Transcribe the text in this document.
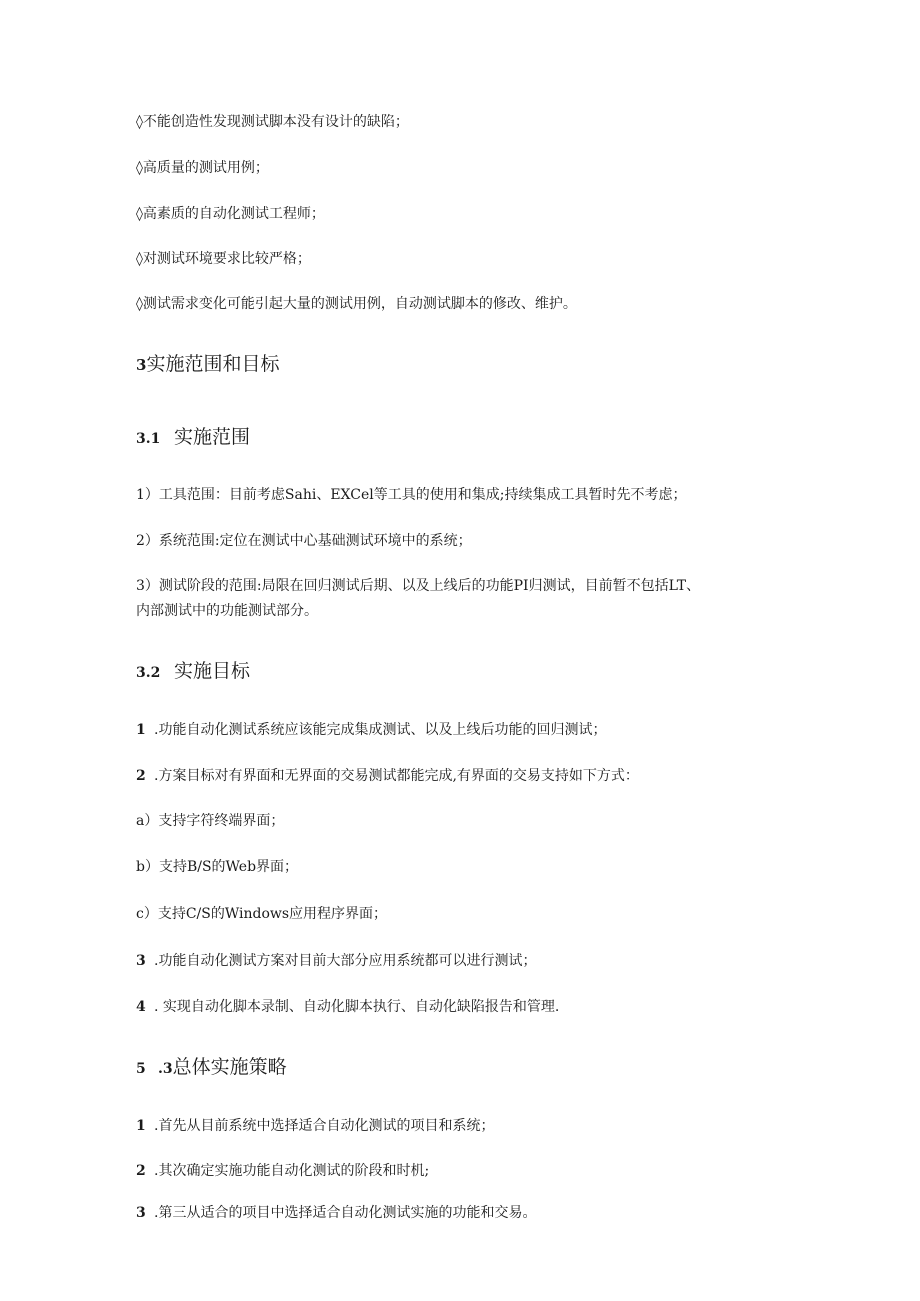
◊不能创造性发现测试脚本没有设计的缺陷；
◊高质量的测试用例；
◊高素质的自动化测试工程师；
◊对测试环境要求比较严格；
◊测试需求变化可能引起大量的测试用例，自动测试脚本的修改、维护。
3实施范围和目标
3.1 实施范围
1）工具范围：目前考虑Sahi、EXCel等工具的使用和集成;持续集成工具暂时先不考虑；
2）系统范围:定位在测试中心基础测试环境中的系统；
3）测试阶段的范围:局限在回归测试后期、以及上线后的功能PI归测试，目前暂不包括LT、
内部测试中的功能测试部分。
3.2 实施目标
1 .功能自动化测试系统应该能完成集成测试、以及上线后功能的回归测试；
2 .方案目标对有界面和无界面的交易测试都能完成,有界面的交易支持如下方式：
a）支持字符终端界面；
b）支持B/S的Web界面；
c）支持C/S的Windows应用程序界面；
3 .功能自动化测试方案对目前大部分应用系统都可以进行测试；
4 . 实现自动化脚本录制、自动化脚本执行、自动化缺陷报告和管理.
5 .3总体实施策略
1 .首先从目前系统中选择适合自动化测试的项目和系统；
2 .其次确定实施功能自动化测试的阶段和时机;
3 .第三从适合的项目中选择适合自动化测试实施的功能和交易。
